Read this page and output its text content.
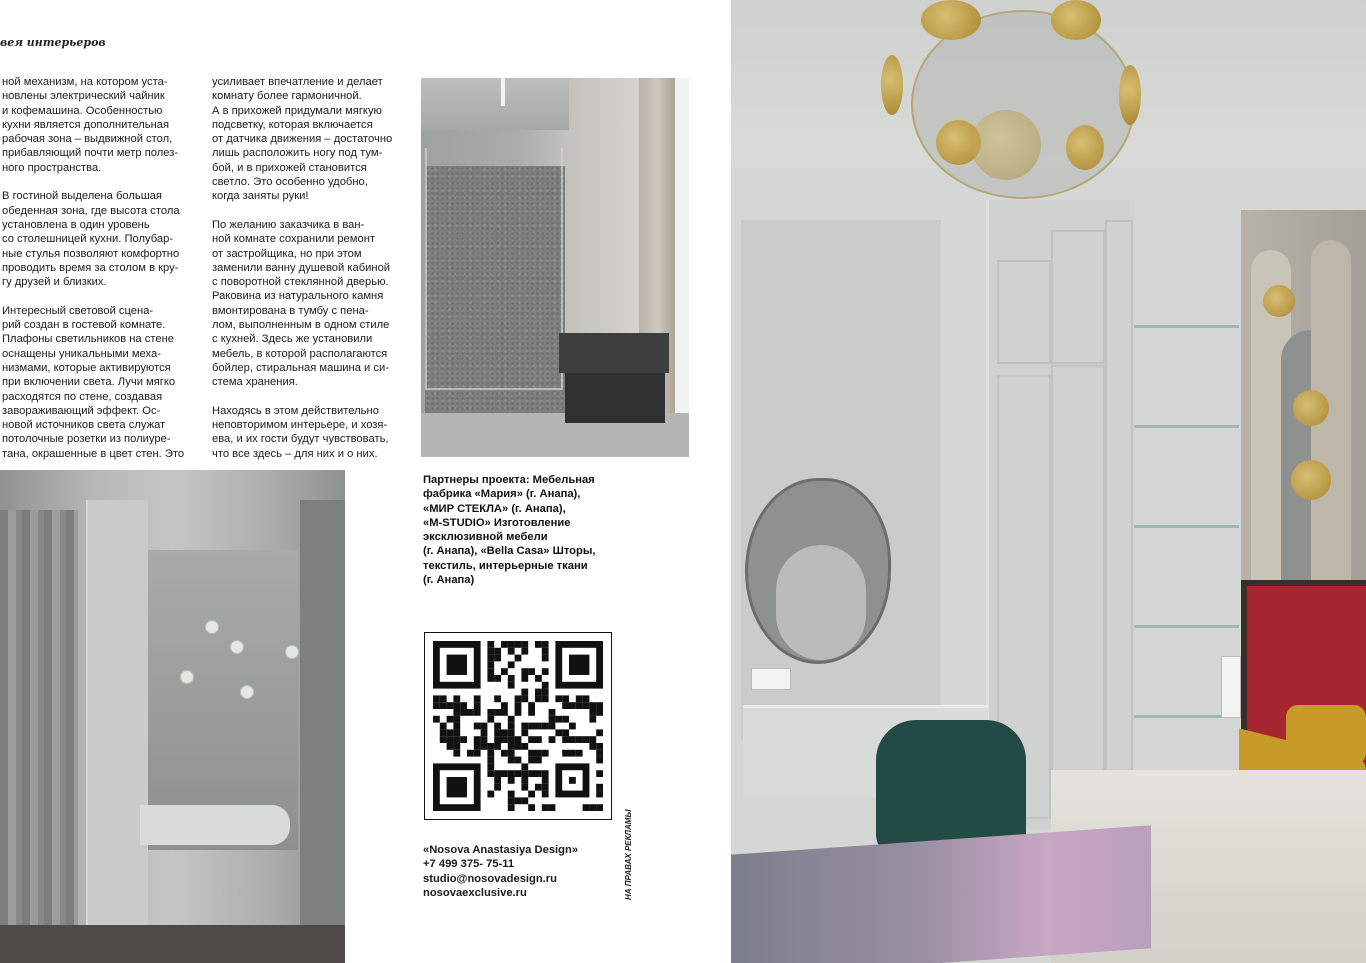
вея интерьеров

ной механизм, на котором уста-
новлены электрический чайник
и кофемашина. Особенностью
кухни является дополнительная
рабочая зона – выдвижной стол,
прибавляющий почти метр полез-
ного пространства.

В гостиной выделена большая
обеденная зона, где высота стола
установлена в один уровень
со столешницей кухни. Полубар-
ные стулья позволяют комфортно
проводить время за столом в кру-
гу друзей и близких.

Интересный световой сцена-
рий создан в гостевой комнате.
Плафоны светильников на стене
оснащены уникальными меха-
низмами, которые активируются
при включении света. Лучи мягко
расходятся по стене, создавая
завораживающий эффект. Ос-
новой источников света служат
потолочные розетки из полиуре-
тана, окрашенные в цвет стен. Это

усиливает впечатление и делает
комнату более гармоничной.
А в прихожей придумали мягкую
подсветку, которая включается
от датчика движения – достаточно
лишь расположить ногу под тум-
бой, и в прихожей становится
светло. Это особенно удобно,
когда заняты руки!

По желанию заказчика в ван-
ной комнате сохранили ремонт
от застройщика, но при этом
заменили ванну душевой кабиной
с поворотной стеклянной дверью.
Раковина из натурального камня
вмонтирована в тумбу с пена-
лом, выполненным в одном стиле
с кухней. Здесь же установили
мебель, в которой располагаются
бойлер, стиральная машина и си-
стема хранения.

Находясь в этом действительно
неповторимом интерьере, и хозя-
ева, и их гости будут чувствовать,
что все здесь – для них и о них.

Партнеры проекта: Мебельная
фабрика «Мария» (г. Анапа),
«МИР СТЕКЛА» (г. Анапа),
«M-STUDIO» Изготовление
эксклюзивной мебели
(г. Анапа), «Bella Casa» Шторы,
текстиль, интерьерные ткани
(г. Анапа)
«Nosova Anastasiya Design»
+7 499 375- 75-11
studio@nosovadesign.ru
nosovaexclusive.ru	НА ПРАВАХ РЕКЛАМЫ
